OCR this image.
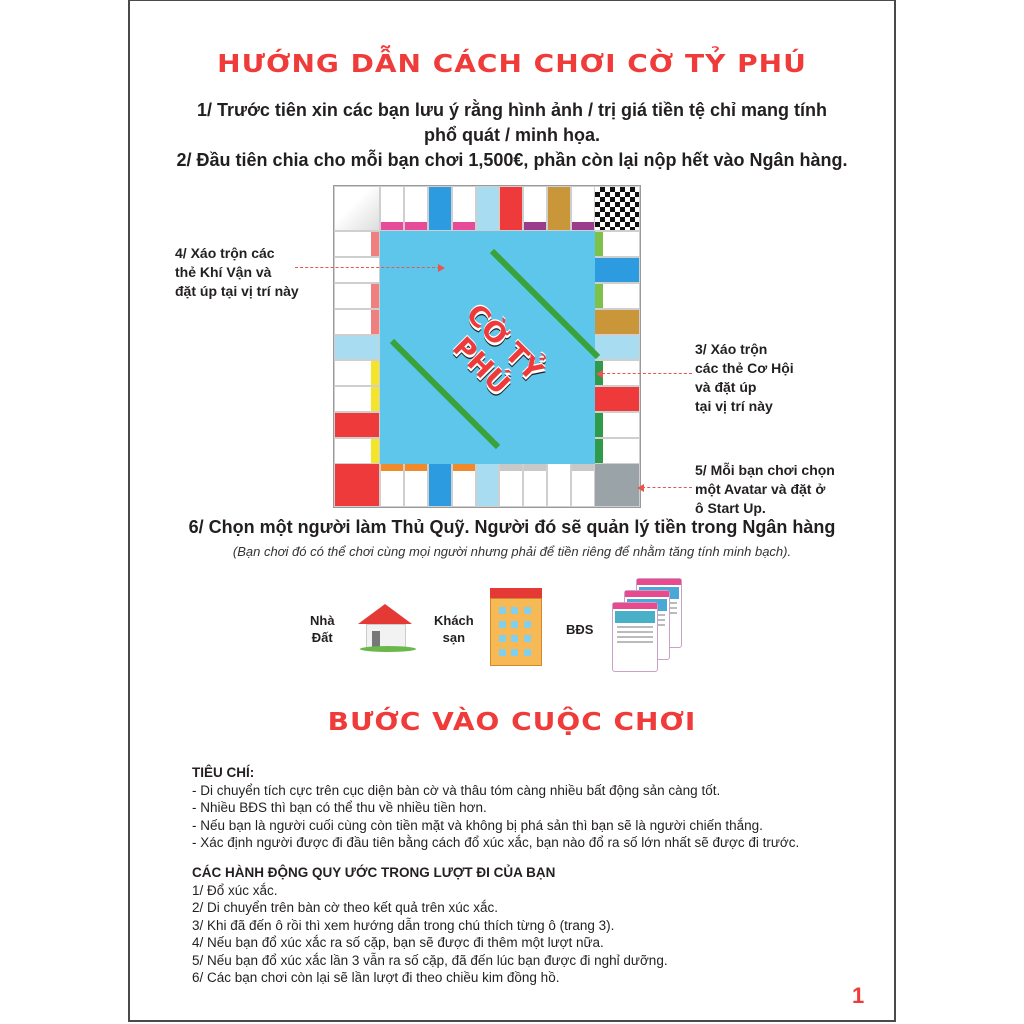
HƯỚNG DẪN CÁCH CHƠI CỜ TỶ PHÚ
1/ Trước tiên xin các bạn lưu ý rằng hình ảnh / trị giá tiền tệ chỉ mang tính
phổ quát / minh họa.
2/ Đầu tiên chia cho mỗi bạn chơi 1,500€, phần còn lại nộp hết vào Ngân hàng.
CỜ TỶ PHÚ
4/ Xáo trộn các
thẻ Khí Vận và
đặt úp tại vị trí này
3/ Xáo trộn
các thẻ Cơ Hội
và đặt úp
tại vị trí này
5/ Mỗi bạn chơi chọn
một Avatar và đặt ở
ô Start Up.
6/ Chọn một người làm Thủ Quỹ. Người đó sẽ quản lý tiền trong Ngân hàng
(Bạn chơi đó có thể chơi cùng mọi người nhưng phải để tiền riêng để nhằm tăng tính minh bạch).
Nhà
Đất
Khách
sạn
BĐS
BƯỚC VÀO CUỘC CHƠI
TIÊU CHÍ:
- Di chuyển tích cực trên cục diện bàn cờ và thâu tóm càng nhiều bất động sản càng tốt.
- Nhiều BĐS thì bạn có thể thu về nhiều tiền hơn.
- Nếu bạn là người cuối cùng còn tiền mặt và không bị phá sản thì bạn sẽ là người chiến thắng.
- Xác định người được đi đầu tiên bằng cách đổ xúc xắc, bạn nào đổ ra số lớn nhất sẽ được đi trước.
CÁC HÀNH ĐỘNG QUY ƯỚC TRONG LƯỢT ĐI CỦA BẠN
1/ Đổ xúc xắc.
2/ Di chuyển trên bàn cờ theo kết quả trên xúc xắc.
3/ Khi đã đến ô rồi thì xem hướng dẫn trong chú thích từng ô (trang 3).
4/ Nếu bạn đổ xúc xắc ra số cặp, bạn sẽ được đi thêm một lượt nữa.
5/ Nếu bạn đổ xúc xắc lần 3 vẫn ra số cặp, đã đến lúc bạn được đi nghỉ dưỡng.
6/ Các bạn chơi còn lại sẽ lần lượt đi theo chiều kim đồng hồ.
1
